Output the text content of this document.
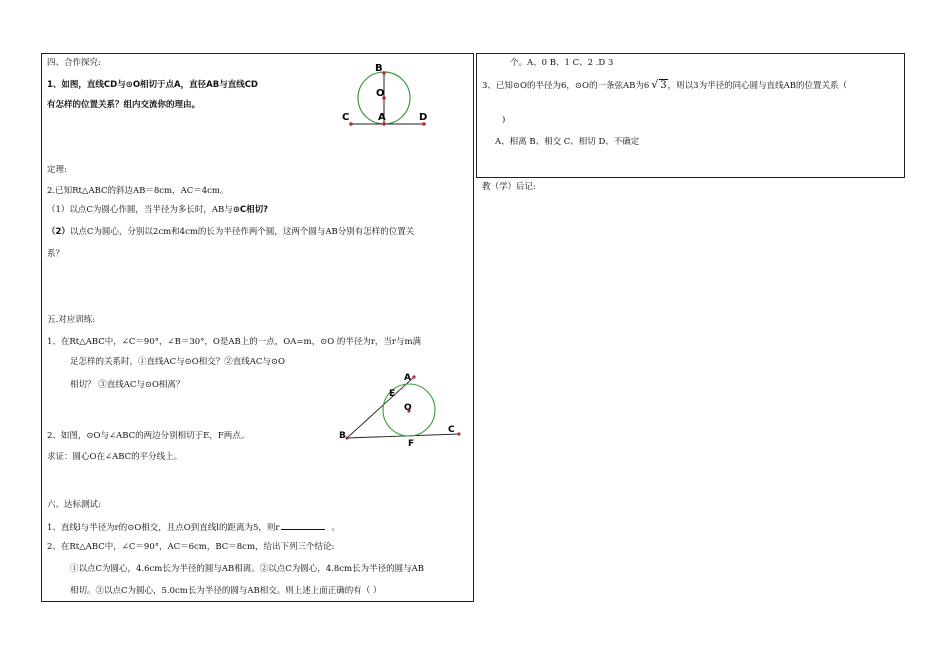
四、合作探究:
1、如图，直线CD与⊙O相切于点A，直径AB与直线CD
有怎样的位置关系？组内交流你的理由。
B
O
C	A	D
定理:
2.已知Rt△ABC的斜边AB＝8cm，AC＝4cm。
（1）以点C为圆心作圆，当半径为多长时，AB与⊙C相切?
（2）以点C为圆心，分别以2cm和4cm的长为半径作两个圆，这两个圆与AB分别有怎样的位置关
系？
五.对应训练:
1、在Rt△ABC中，∠C＝90°，∠B＝30°，O是AB上的一点，OA=m，⊙O 的半径为r，当r与m满
足怎样的关系时，①直线AC与⊙O相交？②直线AC与⊙O
相切？ ③直线AC与⊙O相离？
A
E
O
B
C
F
2、如图，⊙O与∠ABC的两边分别相切于E，F两点。
求证：圆心O在∠ABC的平分线上。
六、达标测试:
1、直线l与半径为r的⊙O相交，且点O到直线l的距离为5，则r	。
2、在Rt△ABC中，∠C＝90°，AC＝6cm，BC＝8cm，给出下列三个结论:
①以点C为圆心，4.6cm长为半径的圆与AB相离。②以点C为圆心，4.8cm长为半径的圆与AB
相切。③以点C为圆心，5.0cm长为半径的圆与AB相交。则上述上面正确的有（ ）
个。A、0 B、1 C、2 .D 3
3、已知⊙O的半径为6，⊙O的一条弦AB为6 √ 3，则以3为半径的同心圆与直线AB的位置关系（
)
A、相离 B、相交 C、相切 D、不确定
教（学）后记:
